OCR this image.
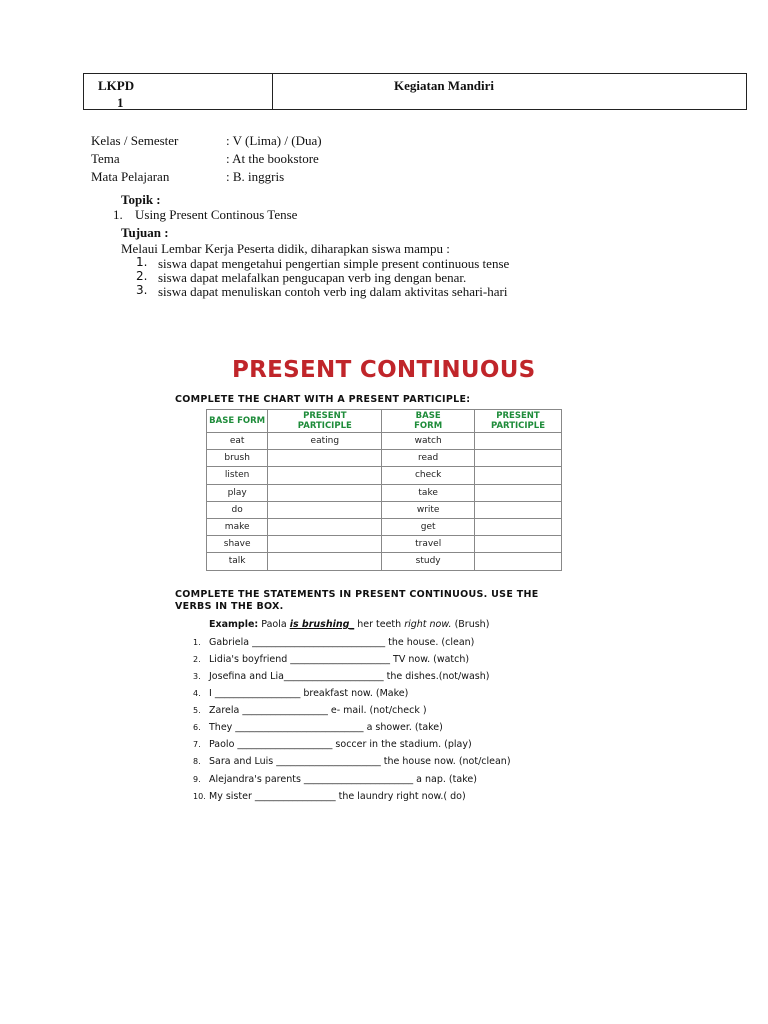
LKPD
1
Kegiatan Mandiri
Kelas / Semester	: V (Lima) / (Dua)
Tema	: At the bookstore
Mata Pelajaran	: B. inggris
Topik :
1. Using Present Continous Tense
Tujuan :
Melaui Lembar Kerja Peserta didik, diharapkan siswa mampu :
1. siswa dapat mengetahui pengertian simple present continuous tense
2. siswa dapat melafalkan pengucapan verb ing dengan benar.
3. siswa dapat menuliskan contoh verb ing dalam aktivitas sehari-hari
PRESENT CONTINUOUS
COMPLETE THE CHART WITH A PRESENT PARTICIPLE:
BASE FORM	PRESENT PARTICIPLE	BASE FORM	PRESENT PARTICIPLE
eat	eating	watch	
brush		read	
listen		check	
play		take	
do		write	
make		get	
shave		travel	
talk		study	
COMPLETE THE STATEMENTS IN PRESENT CONTINUOUS. USE THE
VERBS IN THE BOX.
Example: Paola is brushing_ her teeth right now. (Brush)
1. Gabriela ____________________________ the house. (clean)
2. Lidia's boyfriend _____________________ TV now. (watch)
3. Josefina and Lia_____________________ the dishes.(not/wash)
4. I __________________ breakfast now. (Make)
5. Zarela __________________ e- mail. (not/check )
6. They ___________________________ a shower. (take)
7. Paolo ____________________ soccer in the stadium. (play)
8. Sara and Luis ______________________ the house now. (not/clean)
9. Alejandra's parents _______________________ a nap. (take)
10. My sister _________________ the laundry right now.( do)
